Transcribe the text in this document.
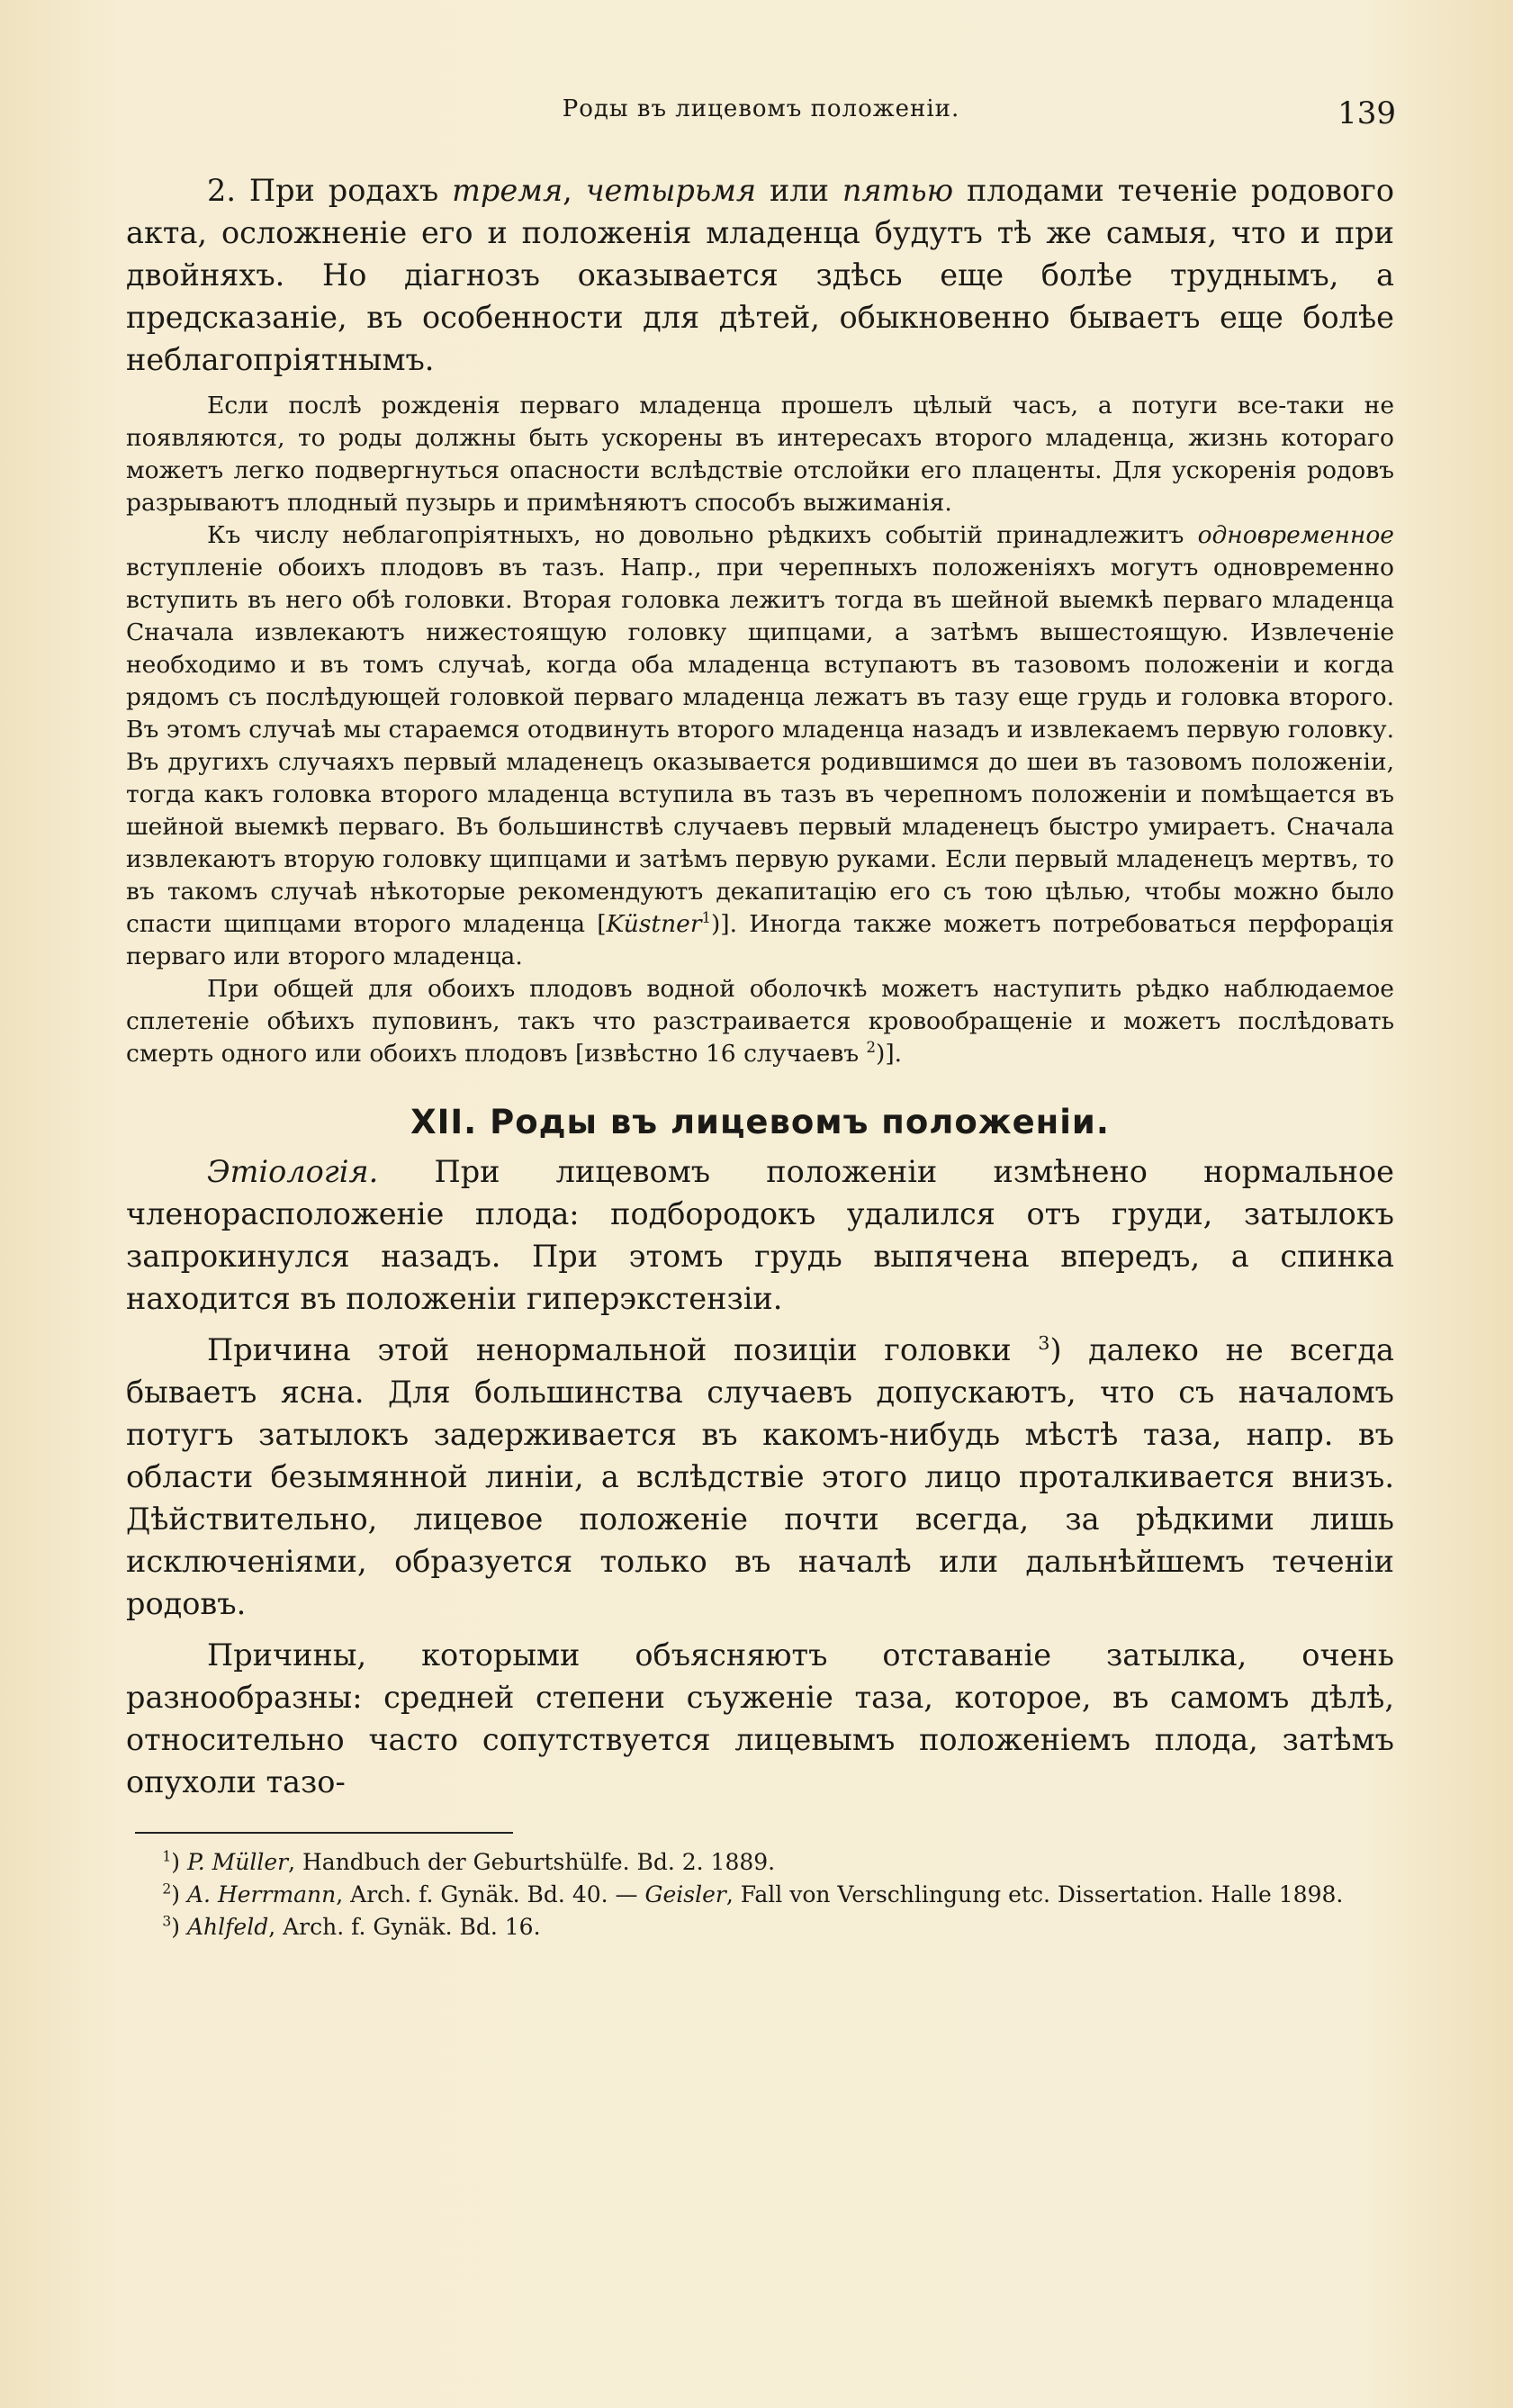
Роды въ лицевомъ положенiи.	139

2. При родахъ тремя, четырьмя или пятью плодами теченiе родового акта, осложненiе его и положенiя младенца будутъ тѣ же самыя, что и при двойняхъ. Но дiагнозъ оказывается здѣсь еще болѣе труднымъ, а предсказанiе, въ особенности для дѣтей, обыкновенно бываетъ еще болѣе неблагопрiятнымъ.

Если послѣ рожденiя перваго младенца прошелъ цѣлый часъ, а потуги все-таки не появляются, то роды должны быть ускорены въ интересахъ второго младенца, жизнь котораго можетъ легко подвергнуться опасности вслѣдствiе отслойки его плаценты. Для ускоренiя родовъ разрываютъ плодный пузырь и примѣняютъ способъ выжиманiя.

Къ числу неблагопрiятныхъ, но довольно рѣдкихъ событiй принадлежитъ одновременное вступленiе обоихъ плодовъ въ тазъ. Напр., при черепныхъ положенiяхъ могутъ одновременно вступить въ него обѣ головки. Вторая головка лежитъ тогда въ шейной выемкѣ перваго младенца Сначала извлекаютъ нижестоящую головку щипцами, а затѣмъ вышестоящую. Извлеченiе необходимо и въ томъ случаѣ, когда оба младенца вступаютъ въ тазовомъ положенiи и когда рядомъ съ послѣдующей головкой перваго младенца лежатъ въ тазу еще грудь и головка второго. Въ этомъ случаѣ мы стараемся отодвинуть второго младенца назадъ и извлекаемъ первую головку. Въ другихъ случаяхъ первый младенецъ оказывается родившимся до шеи въ тазовомъ положенiи, тогда какъ головка второго младенца вступила въ тазъ въ черепномъ положенiи и помѣщается въ шейной выемкѣ перваго. Въ большинствѣ случаевъ первый младенецъ быстро умираетъ. Сначала извлекаютъ вторую головку щипцами и затѣмъ первую руками. Если первый младенецъ мертвъ, то въ такомъ случаѣ нѣкоторые рекомендуютъ декапитацiю его съ тою цѣлью, чтобы можно было спасти щипцами второго младенца [Küstner$^1$)]. Иногда также можетъ потребоваться перфорацiя перваго или второго младенца.

При общей для обоихъ плодовъ водной оболочкѣ можетъ наступить рѣдко наблюдаемое сплетенiе обѣихъ пуповинъ, такъ что разстраивается кровообращенiе и можетъ послѣдовать смерть одного или обоихъ плодовъ [извѣстно 16 случаевъ $^2$)].

XII. Роды въ лицевомъ положенiи.

Этiологiя. При лицевомъ положенiи измѣнено нормальное членорасположенiе плода: подбородокъ удалился отъ груди, затылокъ запрокинулся назадъ. При этомъ грудь выпячена впередъ, а спинка находится въ положенiи гиперэкстензiи.

Причина этой ненормальной позицiи головки $^3$) далеко не всегда бываетъ ясна. Для большинства случаевъ допускаютъ, что съ началомъ потугъ затылокъ задерживается въ какомъ-нибудь мѣстѣ таза, напр. въ области безымянной линiи, а вслѣдствiе этого лицо проталкивается внизъ. Дѣйствительно, лицевое положенiе почти всегда, за рѣдкими лишь исключенiями, образуется только въ началѣ или дальнѣйшемъ теченiи родовъ.

Причины, которыми объясняютъ отставанiе затылка, очень разнообразны: средней степени съуженiе таза, которое, въ самомъ дѣлѣ, относительно часто сопутствуется лицевымъ положенiемъ плода, затѣмъ опухоли тазо-

$^1$) P. Müller, Handbuch der Geburtshülfe. Bd. 2. 1889.

$^2$) A. Herrmann, Arch. f. Gynäk. Bd. 40. — Geisler, Fall von Verschlingung etc. Dissertation. Halle 1898.

$^3$) Ahlfeld, Arch. f. Gynäk. Bd. 16.
